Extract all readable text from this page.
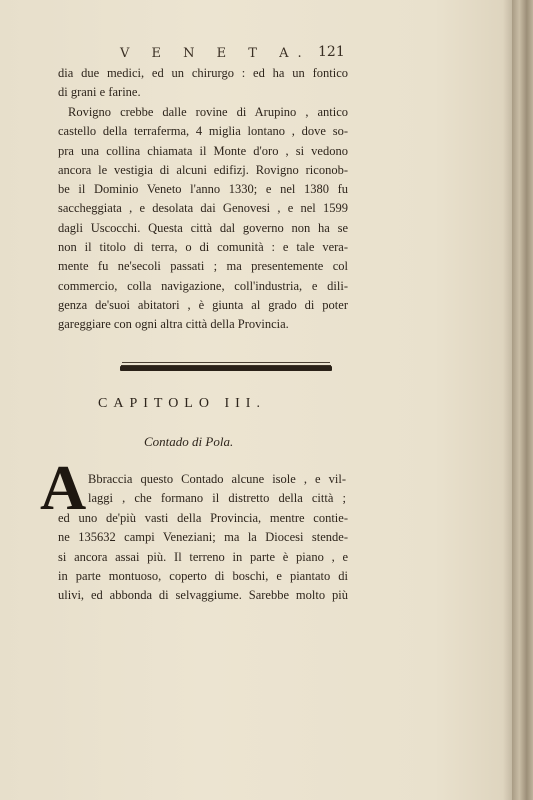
V E N E T A. 121
dia due medici, ed un chirurgo : ed ha un fontico
di grani e farine.
Rovigno crebbe dalle rovine di Arupino , antico
castello della terraferma, 4 miglia lontano , dove so-
pra una collina chiamata il Monte d'oro , si vedono
ancora le vestigia di alcuni edifizj. Rovigno riconob-
be il Dominio Veneto l'anno 1330; e nel 1380 fu
saccheggiata , e desolata dai Genovesi , e nel 1599
dagli Uscocchi. Questa città dal governo non ha se
non il titolo di terra, o di comunità : e tale vera-
mente fu ne'secoli passati ; ma presentemente col
commercio, colla navigazione, coll'industria, e dili-
genza de'suoi abitatori , è giunta al grado di poter
gareggiare con ogni altra città della Provincia.
CAPITOLO III.
Contado di Pola.
A Bbraccia questo Contado alcune isole , e vil-
laggi , che formano il distretto della città ;
ed uno de'più vasti della Provincia, mentre contie-
ne 135632 campi Veneziani; ma la Diocesi stende-
si ancora assai più. Il terreno in parte è piano , e
in parte montuoso, coperto di boschi, e piantato di
ulivi, ed abbonda di selvaggiume. Sarebbe molto più
